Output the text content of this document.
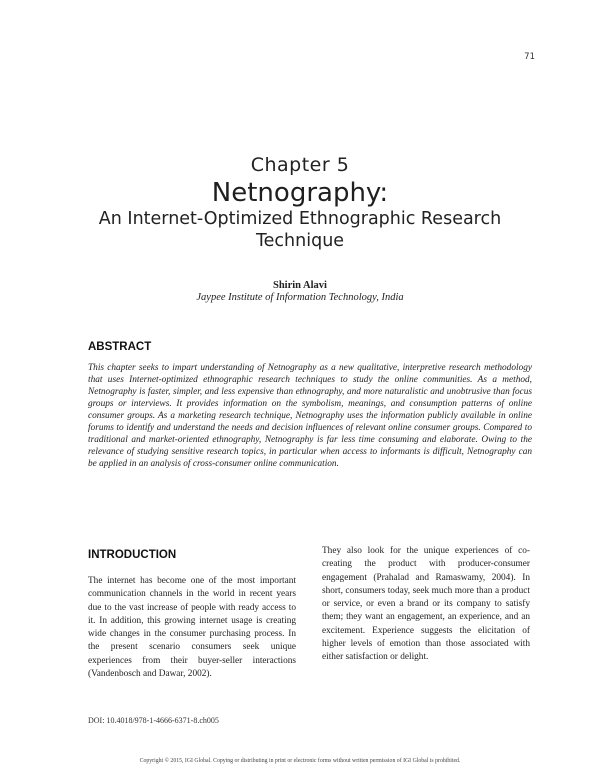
71
Chapter 5
Netnography:
An Internet-Optimized Ethnographic Research Technique
Shirin Alavi
Jaypee Institute of Information Technology, India
ABSTRACT
This chapter seeks to impart understanding of Netnography as a new qualitative, interpretive research methodology that uses Internet-optimized ethnographic research techniques to study the online communities. As a method, Netnography is faster, simpler, and less expensive than ethnography, and more naturalistic and unobtrusive than focus groups or interviews. It provides information on the symbolism, meanings, and consumption patterns of online consumer groups. As a marketing research technique, Netnography uses the information publicly available in online forums to identify and understand the needs and decision influences of relevant online consumer groups. Compared to traditional and market-oriented ethnography, Netnography is far less time consuming and elaborate. Owing to the relevance of studying sensitive research topics, in particular when access to informants is difficult, Netnography can be applied in an analysis of cross-consumer online communication.
INTRODUCTION
The internet has become one of the most important communication channels in the world in recent years due to the vast increase of people with ready access to it. In addition, this growing internet usage is creating wide changes in the consumer purchasing process. In the present scenario consumers seek unique experiences from their buyer-seller interactions (Vandenbosch and Dawar, 2002).
They also look for the unique experiences of co-creating the product with producer-consumer engagement (Prahalad and Ramaswamy, 2004). In short, consumers today, seek much more than a product or service, or even a brand or its company to satisfy them; they want an engagement, an experience, and an excitement. Experience suggests the elicitation of higher levels of emotion than those associated with either satisfaction or delight.
DOI: 10.4018/978-1-4666-6371-8.ch005
Copyright © 2015, IGI Global. Copying or distributing in print or electronic forms without written permission of IGI Global is prohibited.
